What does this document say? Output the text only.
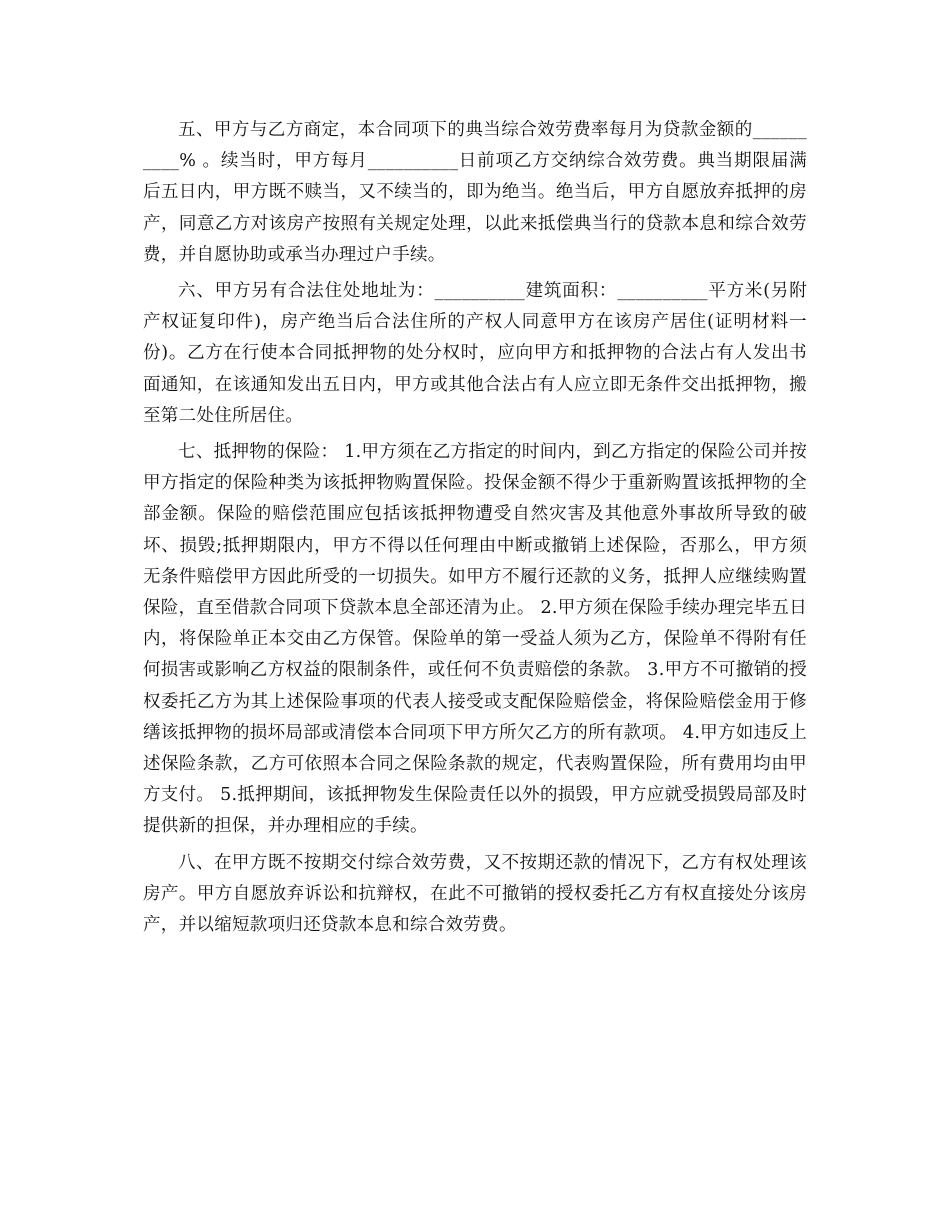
五、甲方与乙方商定，本合同项下的典当综合效劳费率每月为贷款金额的__________% 。续当时，甲方每月__________日前项乙方交纳综合效劳费。典当期限届满后五日内，甲方既不赎当，又不续当的，即为绝当。绝当后，甲方自愿放弃抵押的房产，同意乙方对该房产按照有关规定处理，以此来抵偿典当行的贷款本息和综合效劳费，并自愿协助或承当办理过户手续。

六、甲方另有合法住处地址为：__________建筑面积：__________平方米(另附产权证复印件)，房产绝当后合法住所的产权人同意甲方在该房产居住(证明材料一份)。乙方在行使本合同抵押物的处分权时，应向甲方和抵押物的合法占有人发出书面通知，在该通知发出五日内，甲方或其他合法占有人应立即无条件交出抵押物，搬至第二处住所居住。

七、抵押物的保险： 1.甲方须在乙方指定的时间内，到乙方指定的保险公司并按甲方指定的保险种类为该抵押物购置保险。投保金额不得少于重新购置该抵押物的全部金额。保险的赔偿范围应包括该抵押物遭受自然灾害及其他意外事故所导致的破坏、损毁;抵押期限内，甲方不得以任何理由中断或撤销上述保险，否那么，甲方须无条件赔偿甲方因此所受的一切损失。如甲方不履行还款的义务，抵押人应继续购置保险，直至借款合同项下贷款本息全部还清为止。 2.甲方须在保险手续办理完毕五日内，将保险单正本交由乙方保管。保险单的第一受益人须为乙方，保险单不得附有任何损害或影响乙方权益的限制条件，或任何不负责赔偿的条款。 3.甲方不可撤销的授权委托乙方为其上述保险事项的代表人接受或支配保险赔偿金，将保险赔偿金用于修缮该抵押物的损坏局部或清偿本合同项下甲方所欠乙方的所有款项。 4.甲方如违反上述保险条款，乙方可依照本合同之保险条款的规定，代表购置保险，所有费用均由甲方支付。 5.抵押期间，该抵押物发生保险责任以外的损毁，甲方应就受损毁局部及时提供新的担保，并办理相应的手续。

八、在甲方既不按期交付综合效劳费，又不按期还款的情况下，乙方有权处理该房产。甲方自愿放弃诉讼和抗辩权，在此不可撤销的授权委托乙方有权直接处分该房产，并以缩短款项归还贷款本息和综合效劳费。
